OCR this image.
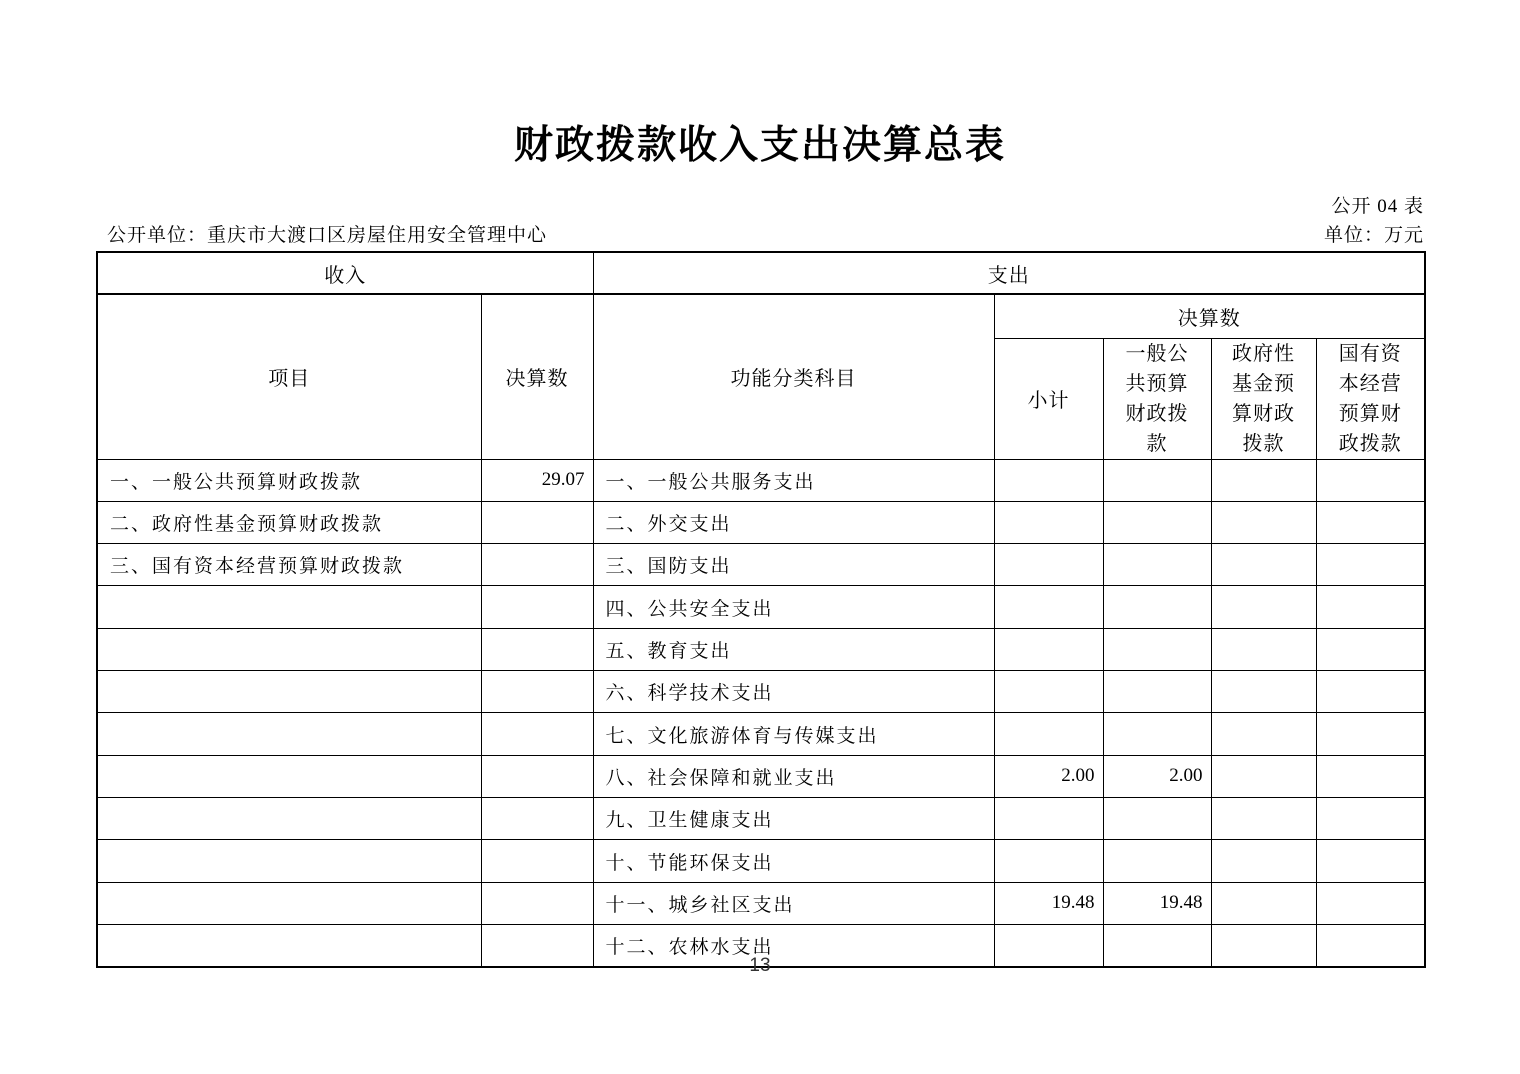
财政拨款收入支出决算总表
公开 04 表
公开单位：重庆市大渡口区房屋住用安全管理中心	单位：万元
收入		支出				
项目	决算数	功能分类科目	决算数			
			小计	一般公共预算财政拨款	政府性基金预算财政拨款	国有资本经营预算财政拨款
一、一般公共预算财政拨款	29.07	一、一般公共服务支出				
二、政府性基金预算财政拨款		二、外交支出				
三、国有资本经营预算财政拨款		三、国防支出				
		四、公共安全支出				
		五、教育支出				
		六、科学技术支出				
		七、文化旅游体育与传媒支出				
		八、社会保障和就业支出	2.00	2.00		
		九、卫生健康支出				
		十、节能环保支出				
		十一、城乡社区支出	19.48	19.48		
		十二、农林水支出				
13
